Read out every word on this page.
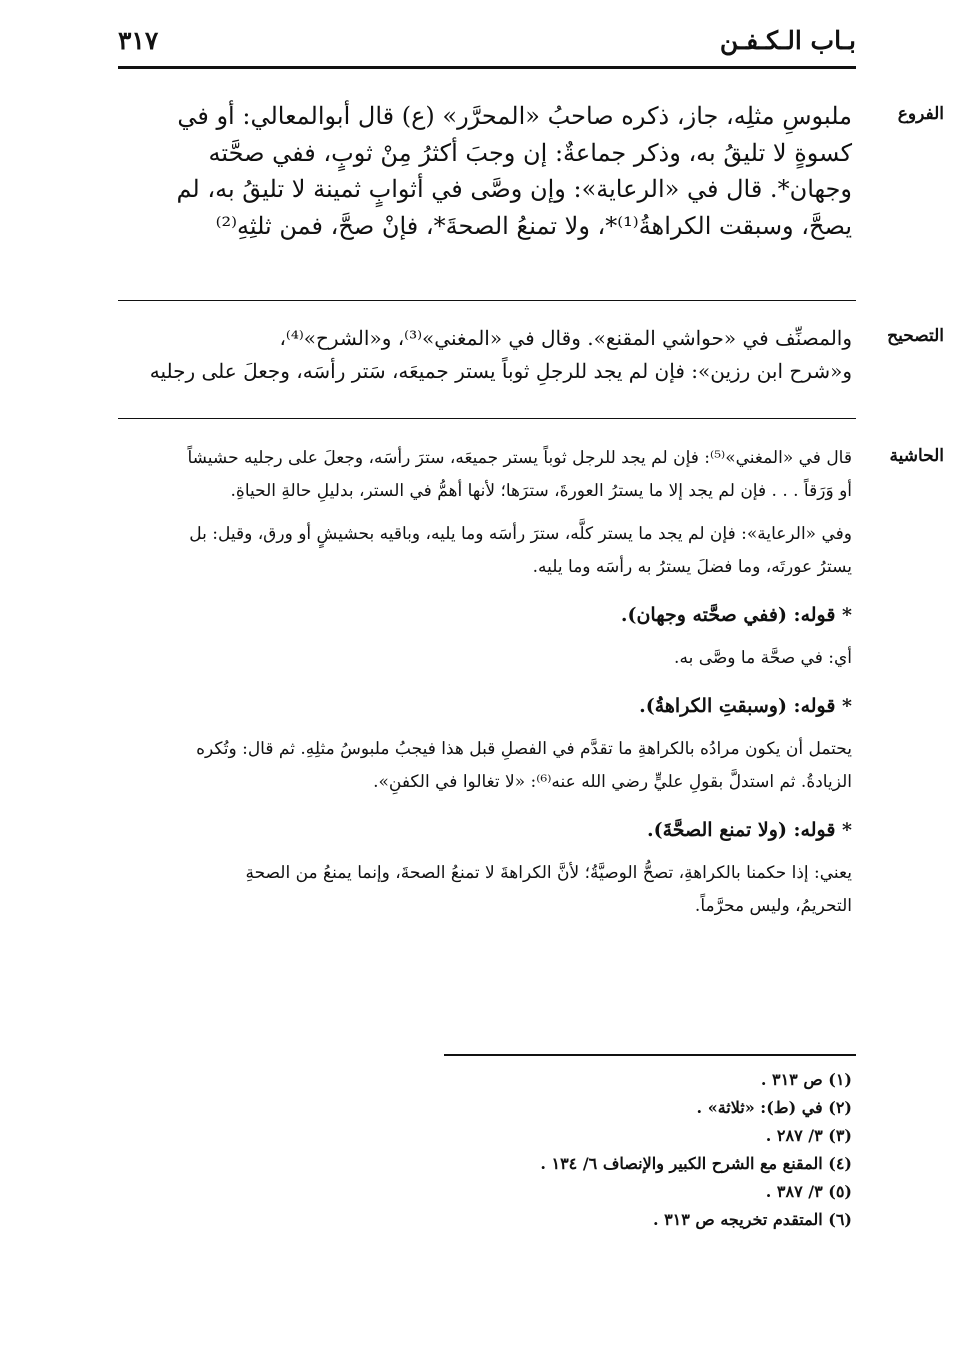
بـاب الـكـفـن
٣١٧
الفروع

ملبوسِ مثلِه، جاز، ذكره صاحبُ «المحرَّر» (ع) قال أبوالمعالي: أو في

كسوةٍ لا تليقُ به، وذكر جماعةٌ: إن وجبَ أكثرُ مِنْ ثوبٍ، ففي صحَّته

وجهان*. قال في «الرعاية»: وإن وصَّى في أثوابٍ ثمينة لا تليقُ به، لم

يصحَّ، وسبقت الكراهةُ⁽¹⁾*، ولا تمنعُ الصحةَ*، فإنْ صحَّ، فمن ثلثِهِ⁽²⁾

التصحيح

والمصنِّف في «حواشي المقنع». وقال في «المغني»⁽³⁾، و«الشرح»⁽⁴⁾،

و«شرح ابن رزين»: فإن لم يجد للرجلِ ثوباً يستر جميعَه، سَتر رأسَه، وجعلَ على رجليه

الحاشية

قال في «المغني»⁽⁵⁾: فإن لم يجد للرجل ثوباً يستر جميعَه، سترَ رأسَه، وجعلَ على رجليه حشيشاً

أو وَرَقاً . . . فإن لم يجد إلا ما يسترُ العورةَ، سترَها؛ لأنها أهمُّ في الستر، بدليلِ حالةِ الحياةِ.

وفي «الرعاية»: فإن لم يجد ما يستر كلَّه، سترَ رأسَه وما يليه، وباقيه بحشيشٍ أو ورق، وقيل: بل

يسترُ عورتَه، وما فضلَ يسترُ به رأسَه وما يليه.

* قوله: (ففي صحَّته وجهان).

أي: في صحَّة ما وصَّى به.

* قوله: (وسبقتِ الكراهةُ).

يحتمل أن يكون مرادُه بالكراهةِ ما تقدَّم في الفصلِ قبل هذا فيجبُ ملبوسُ مثلِهِ. ثم قال: وتُكره

الزيادةُ. ثم استدلَّ بقولِ عليٍّ رضي الله عنه⁽⁶⁾: «لا تغالوا في الكفنِ».

* قوله: (ولا تمنع الصحَّةَ).

يعني: إذا حكمنا بالكراهةِ، تصحُّ الوصيَّةُ؛ لأنَّ الكراهةَ لا تمنعُ الصحةَ، وإنما يمنعُ من الصحةِ

التحريمُ، وليس محرَّماً.

(١) ص ٣١٣ .
(٢) في (ط): «ثلاثة» .
(٣) ٣/ ٢٨٧ .
(٤) المقنع مع الشرح الكبير والإنصاف ٦/ ١٣٤ .
(٥) ٣/ ٣٨٧ .
(٦) المتقدم تخريجه ص ٣١٣ .
